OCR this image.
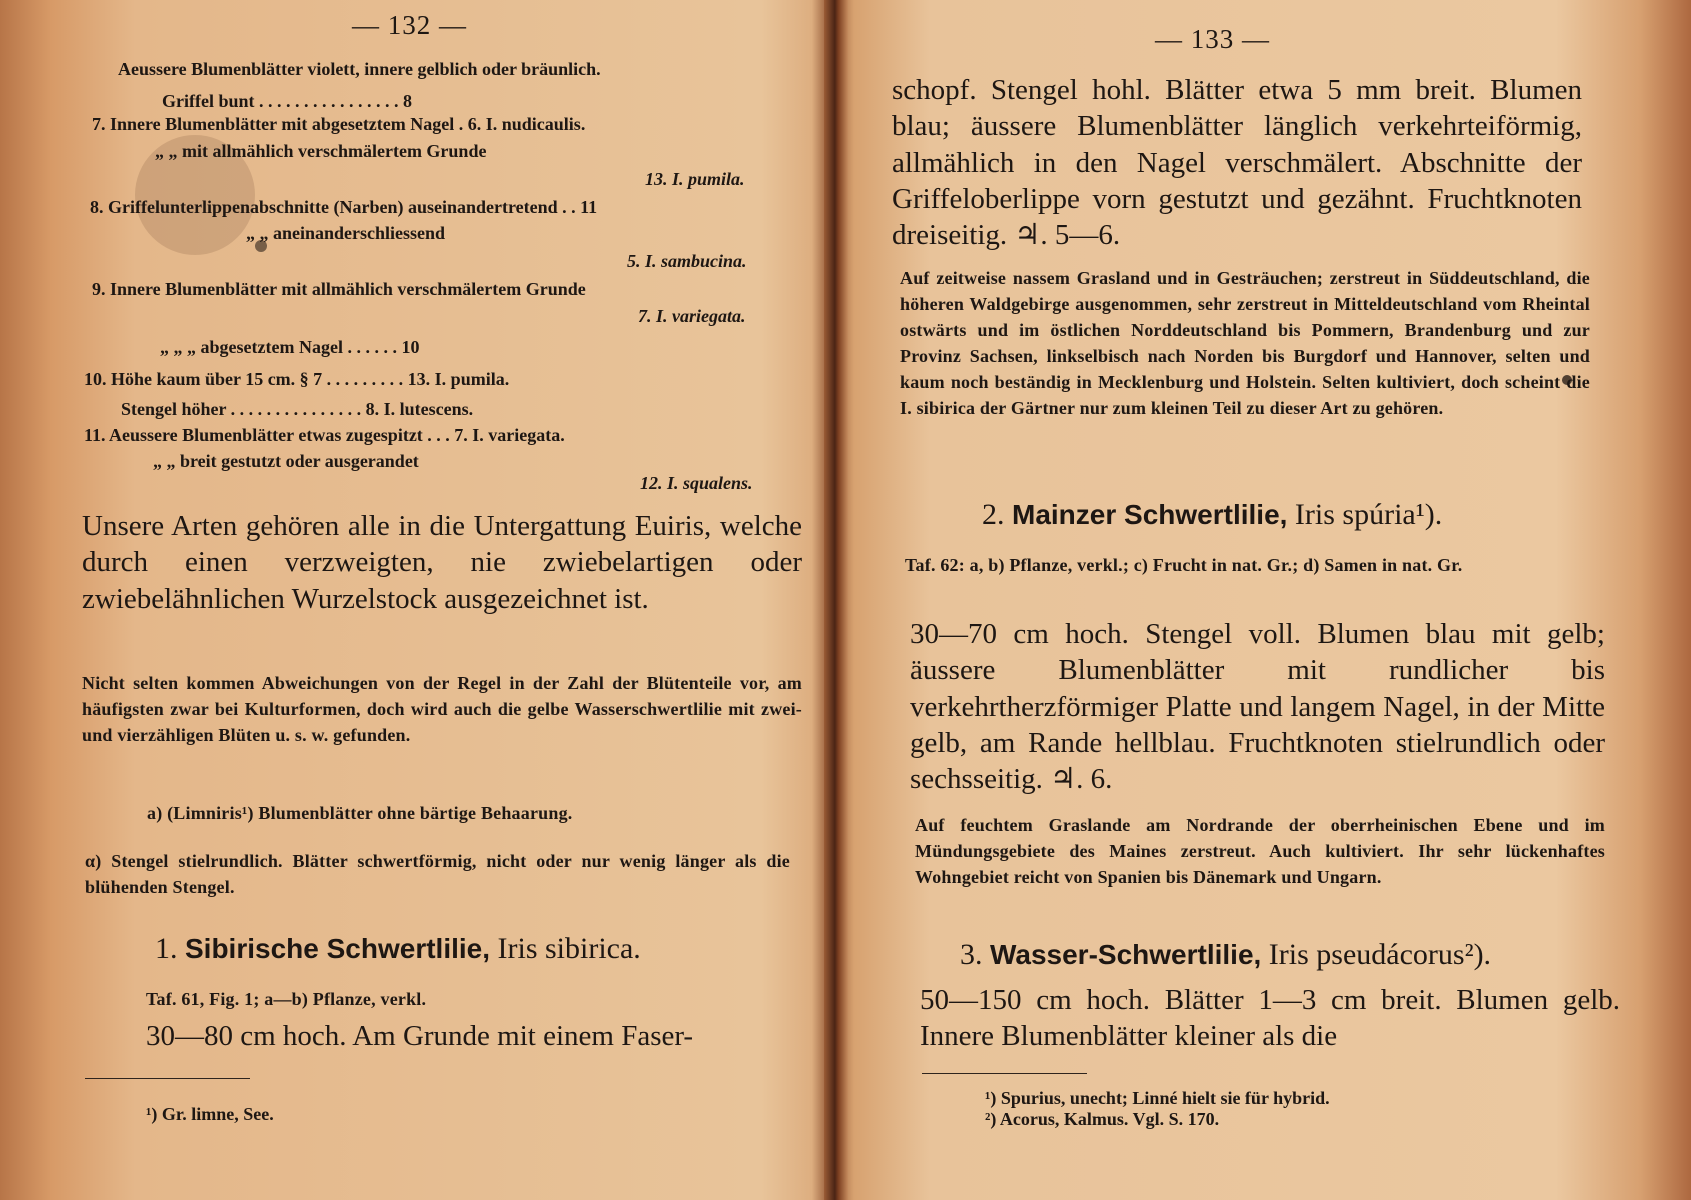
— 132 —
Aeussere Blumenblätter violett, innere gelblich oder bräunlich.
Griffel bunt . . . . . . . . . . . . . . . . 8
7. Innere Blumenblätter mit abgesetztem Nagel . 6. I. nudicaulis.
„ „ mit allmählich verschmälertem Grunde
13. I. pumila.
8. Griffelunterlippenabschnitte (Narben) auseinandertretend . . 11
„ „ aneinanderschliessend
5. I. sambucina.
9. Innere Blumenblätter mit allmählich verschmälertem Grunde
7. I. variegata.
„ „ „ abgesetztem Nagel . . . . . . 10
10. Höhe kaum über 15 cm. § 7 . . . . . . . . . 13. I. pumila.
Stengel höher . . . . . . . . . . . . . . . 8. I. lutescens.
11. Aeussere Blumenblätter etwas zugespitzt . . . 7. I. variegata.
„ „ breit gestutzt oder ausgerandet
12. I. squalens.
Unsere Arten gehören alle in die Untergattung Euiris, welche durch einen verzweigten, nie zwiebelartigen oder zwiebelähnlichen Wurzelstock ausgezeichnet ist.
Nicht selten kommen Abweichungen von der Regel in der Zahl der Blütenteile vor, am häufigsten zwar bei Kulturformen, doch wird auch die gelbe Wasserschwertlilie mit zwei- und vierzähligen Blüten u. s. w. gefunden.
a) (Limniris¹) Blumenblätter ohne bärtige Behaarung.
α) Stengel stielrundlich. Blätter schwertförmig, nicht oder nur wenig länger als die blühenden Stengel.
1. Sibirische Schwertlilie, Iris sibirica.
Taf. 61, Fig. 1; a—b) Pflanze, verkl.
30—80 cm hoch. Am Grunde mit einem Faser-
¹) Gr. limne, See.
— 133 —
schopf. Stengel hohl. Blätter etwa 5 mm breit. Blumen blau; äussere Blumenblätter länglich verkehrteiförmig, allmählich in den Nagel verschmälert. Abschnitte der Griffeloberlippe vorn gestutzt und gezähnt. Fruchtknoten dreiseitig. ♃. 5—6.
Auf zeitweise nassem Grasland und in Gesträuchen; zerstreut in Süddeutschland, die höheren Waldgebirge ausgenommen, sehr zerstreut in Mitteldeutschland vom Rheintal ostwärts und im östlichen Norddeutschland bis Pommern, Brandenburg und zur Provinz Sachsen, linkselbisch nach Norden bis Burgdorf und Hannover, selten und kaum noch beständig in Mecklenburg und Holstein. Selten kultiviert, doch scheint die I. sibirica der Gärtner nur zum kleinen Teil zu dieser Art zu gehören.
2. Mainzer Schwertlilie, Iris spúria¹).
Taf. 62: a, b) Pflanze, verkl.; c) Frucht in nat. Gr.; d) Samen in nat. Gr.
30—70 cm hoch. Stengel voll. Blumen blau mit gelb; äussere Blumenblätter mit rundlicher bis verkehrtherzförmiger Platte und langem Nagel, in der Mitte gelb, am Rande hellblau. Fruchtknoten stielrundlich oder sechsseitig. ♃. 6.
Auf feuchtem Graslande am Nordrande der oberrheinischen Ebene und im Mündungsgebiete des Maines zerstreut. Auch kultiviert. Ihr sehr lückenhaftes Wohngebiet reicht von Spanien bis Dänemark und Ungarn.
3. Wasser-Schwertlilie, Iris pseudácorus²).
50—150 cm hoch. Blätter 1—3 cm breit. Blumen gelb. Innere Blumenblätter kleiner als die
¹) Spurius, unecht; Linné hielt sie für hybrid.
²) Acorus, Kalmus. Vgl. S. 170.
